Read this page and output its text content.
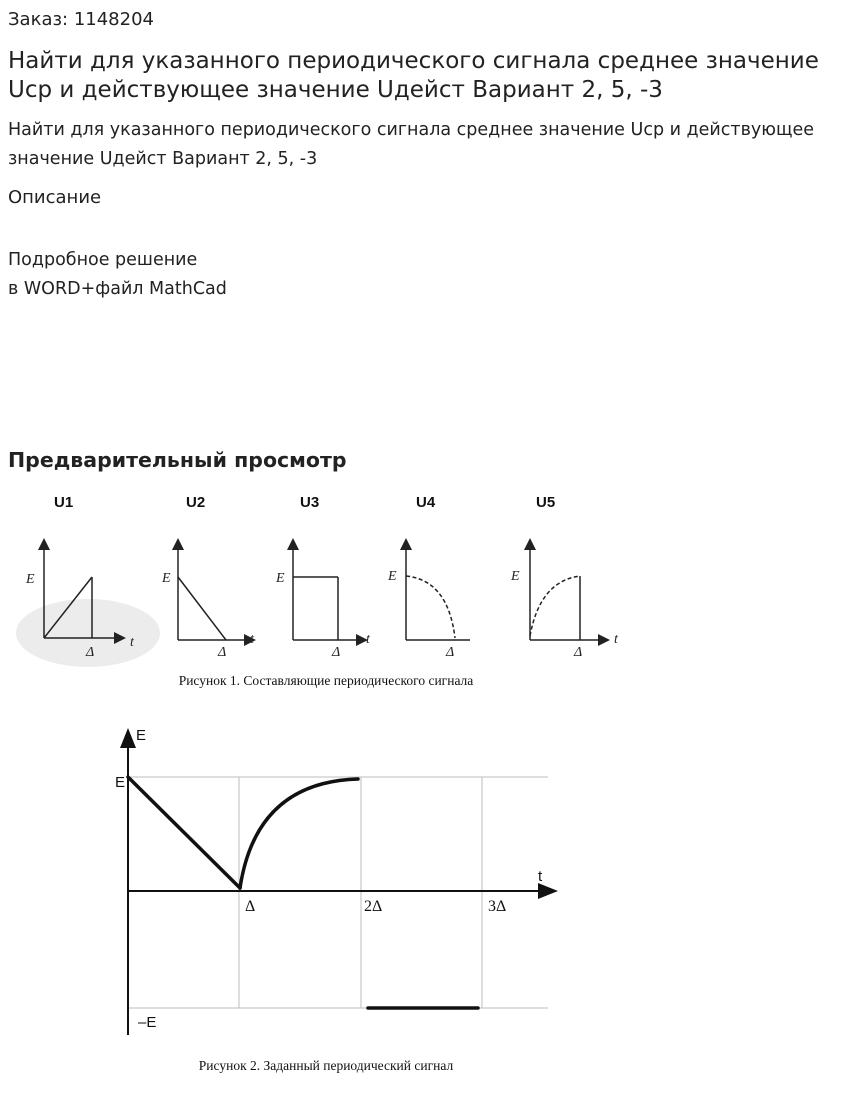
Заказ: 1148204
Найти для указанного периодического сигнала среднее значение Uср и действующее значение Uдейст Вариант 2, 5, -3
Найти для указанного периодического сигнала среднее значение Uср и действующее значение Uдейст Вариант 2, 5, -3
Описание
Подробное решение
в WORD+файл MathCad
Предварительный просмотр
U1	U2	U3	U4	U5
E
Δ
t
E
Δ
t
E
Δ
t
E
Δ
E
Δ
t
Рисунок 1. Составляющие периодического сигнала
E
E
–E
t
Δ	2Δ	3Δ
Рисунок 2. Заданный периодический сигнал
